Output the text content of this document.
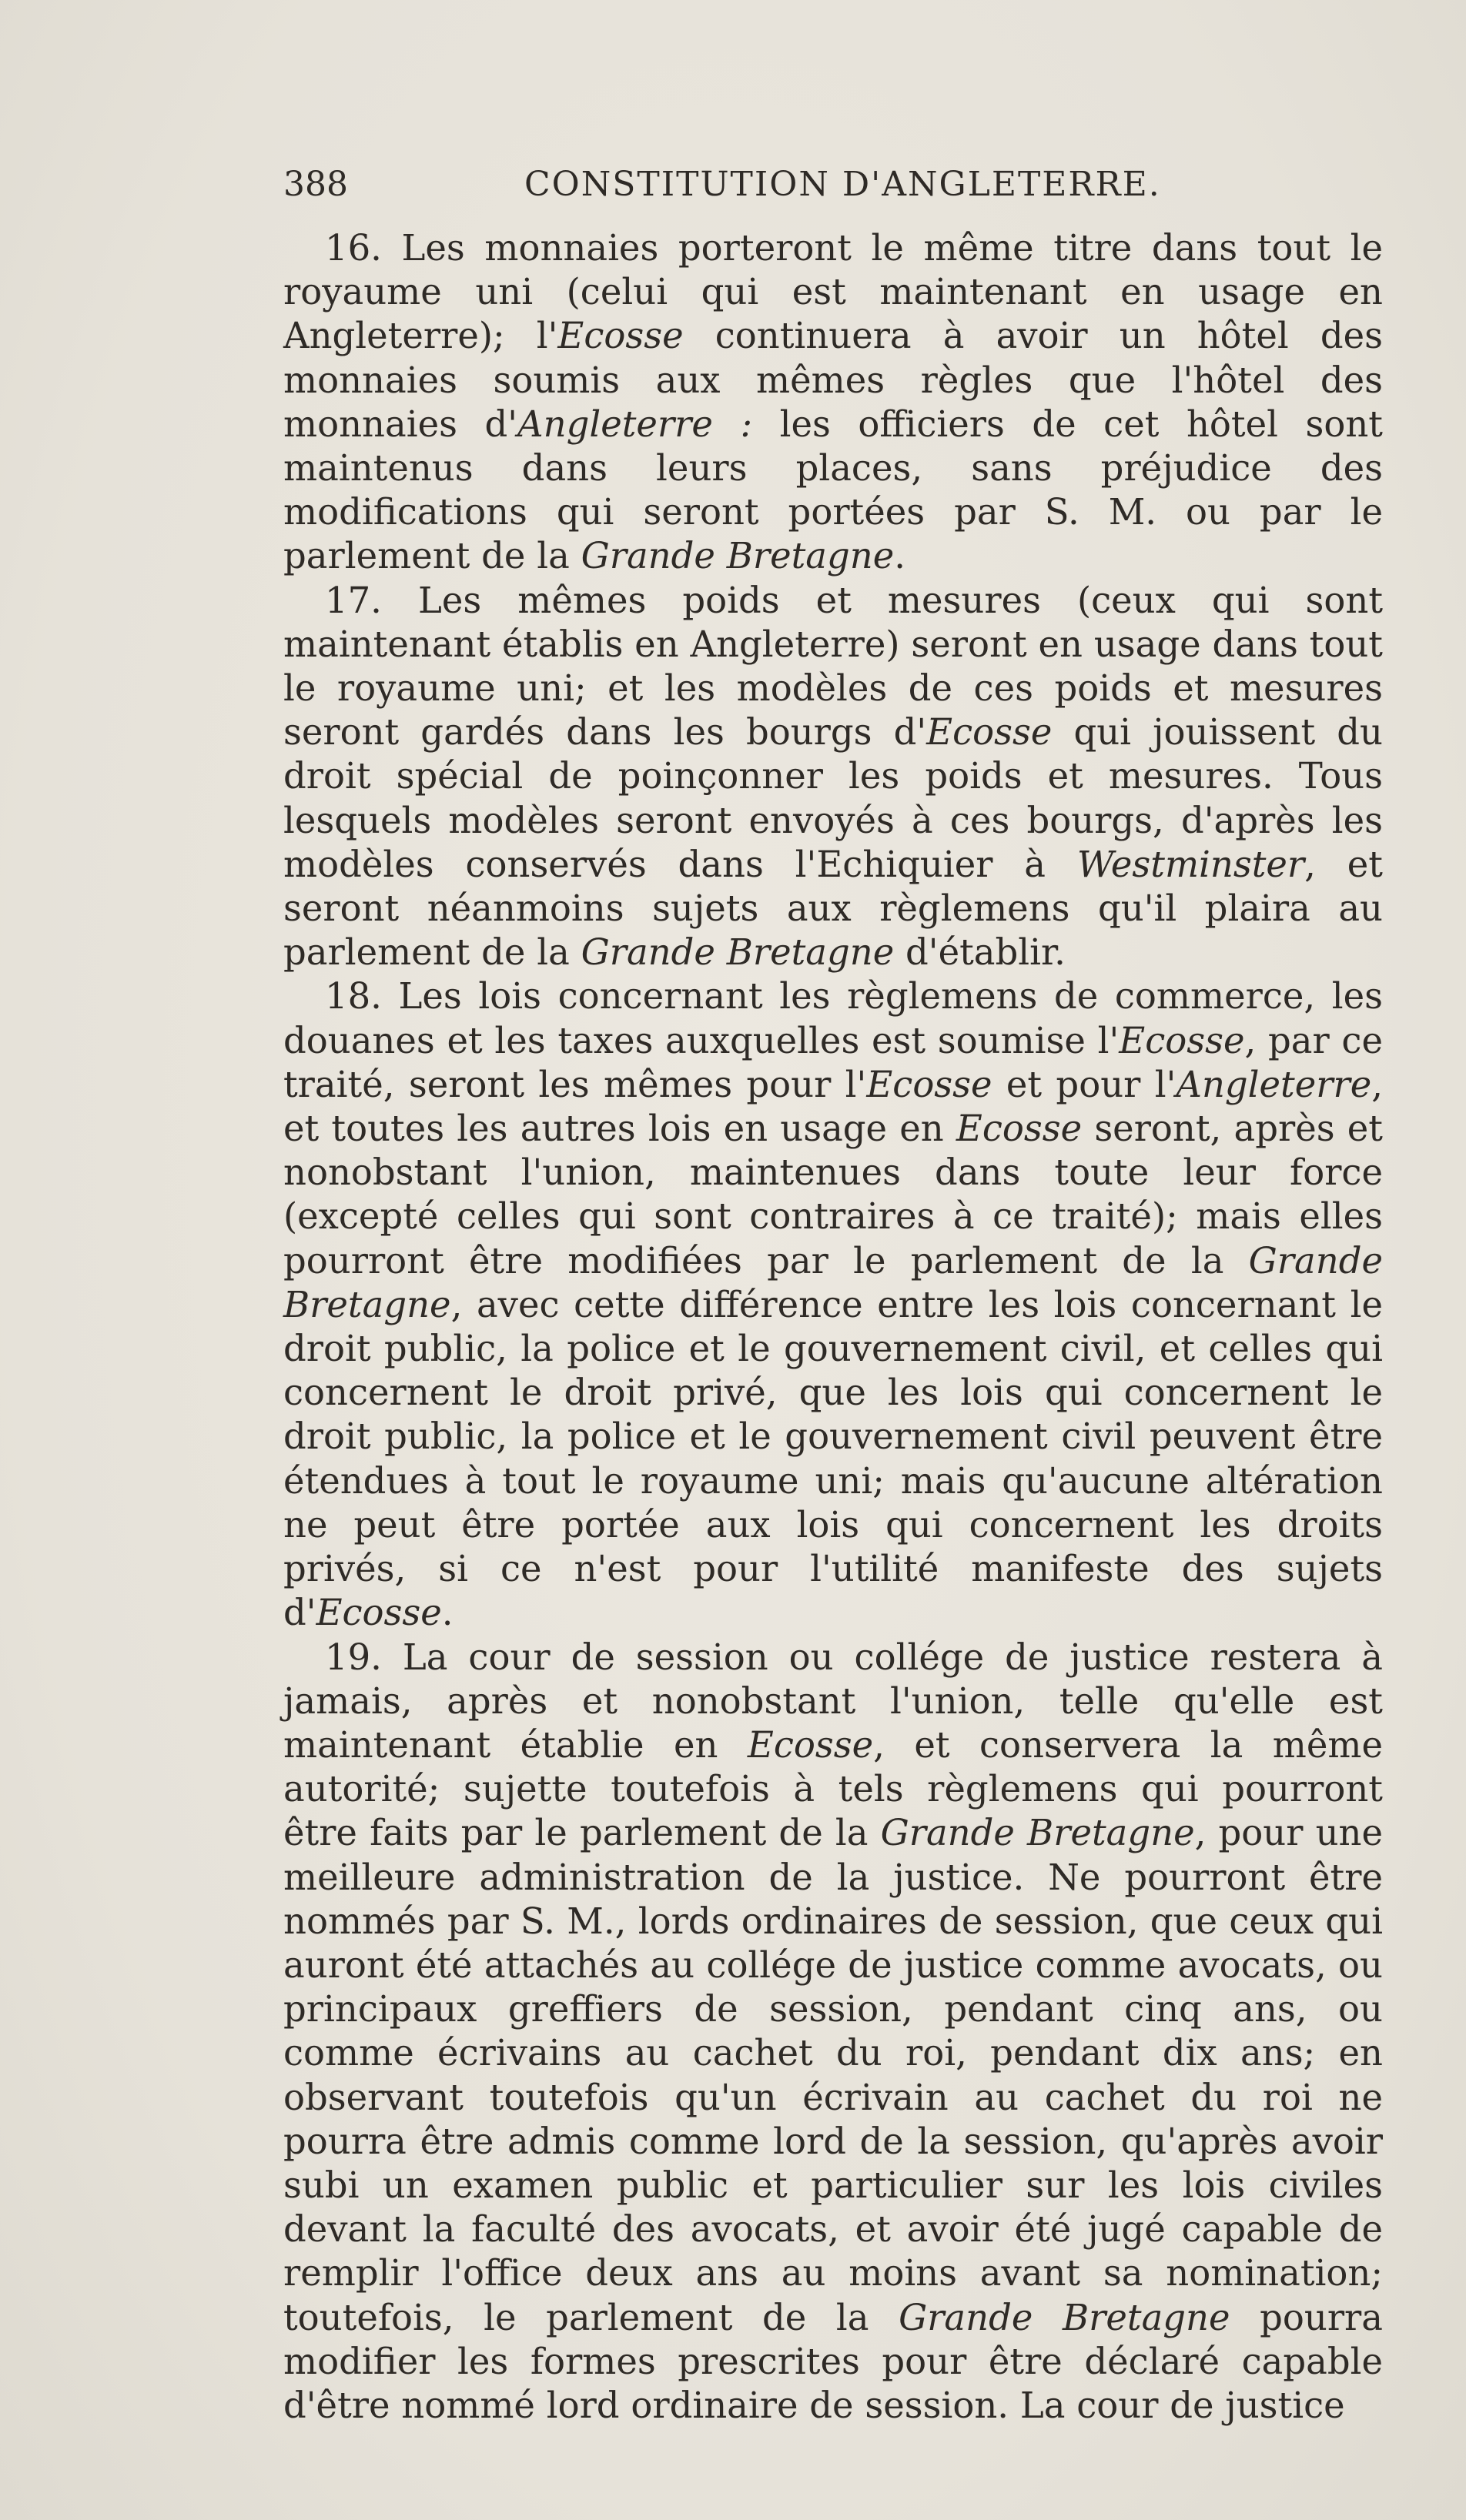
388	CONSTITUTION D'ANGLETERRE.

16. Les monnaies porteront le même titre dans tout le royaume uni (celui qui est maintenant en usage en Angleterre); l'Ecosse continuera à avoir un hôtel des monnaies soumis aux mêmes règles que l'hôtel des monnaies d'Angleterre : les officiers de cet hôtel sont maintenus dans leurs places, sans préjudice des modifications qui seront portées par S. M. ou par le parlement de la Grande Bretagne.

17. Les mêmes poids et mesures (ceux qui sont maintenant établis en Angleterre) seront en usage dans tout le royaume uni; et les modèles de ces poids et mesures seront gardés dans les bourgs d'Ecosse qui jouissent du droit spécial de poinçonner les poids et mesures. Tous lesquels modèles seront envoyés à ces bourgs, d'après les modèles conservés dans l'Echiquier à Westminster, et seront néanmoins sujets aux règlemens qu'il plaira au parlement de la Grande Bretagne d'établir.

18. Les lois concernant les règlemens de commerce, les douanes et les taxes auxquelles est soumise l'Ecosse, par ce traité, seront les mêmes pour l'Ecosse et pour l'Angleterre, et toutes les autres lois en usage en Ecosse seront, après et nonobstant l'union, maintenues dans toute leur force (excepté celles qui sont contraires à ce traité); mais elles pourront être modifiées par le parlement de la Grande Bretagne, avec cette différence entre les lois concernant le droit public, la police et le gouvernement civil, et celles qui concernent le droit privé, que les lois qui concernent le droit public, la police et le gouvernement civil peuvent être étendues à tout le royaume uni; mais qu'aucune altération ne peut être portée aux lois qui concernent les droits privés, si ce n'est pour l'utilité manifeste des sujets d'Ecosse.

19. La cour de session ou collége de justice restera à jamais, après et nonobstant l'union, telle qu'elle est maintenant établie en Ecosse, et conservera la même autorité; sujette toutefois à tels règlemens qui pourront être faits par le parlement de la Grande Bretagne, pour une meilleure administration de la justice. Ne pourront être nommés par S. M., lords ordinaires de session, que ceux qui auront été attachés au collége de justice comme avocats, ou principaux greffiers de session, pendant cinq ans, ou comme écrivains au cachet du roi, pendant dix ans; en observant toutefois qu'un écrivain au cachet du roi ne pourra être admis comme lord de la session, qu'après avoir subi un examen public et particulier sur les lois civiles devant la faculté des avocats, et avoir été jugé capable de remplir l'office deux ans au moins avant sa nomination; toutefois, le parlement de la Grande Bretagne pourra modifier les formes prescrites pour être déclaré capable d'être nommé lord ordinaire de session. La cour de justice
